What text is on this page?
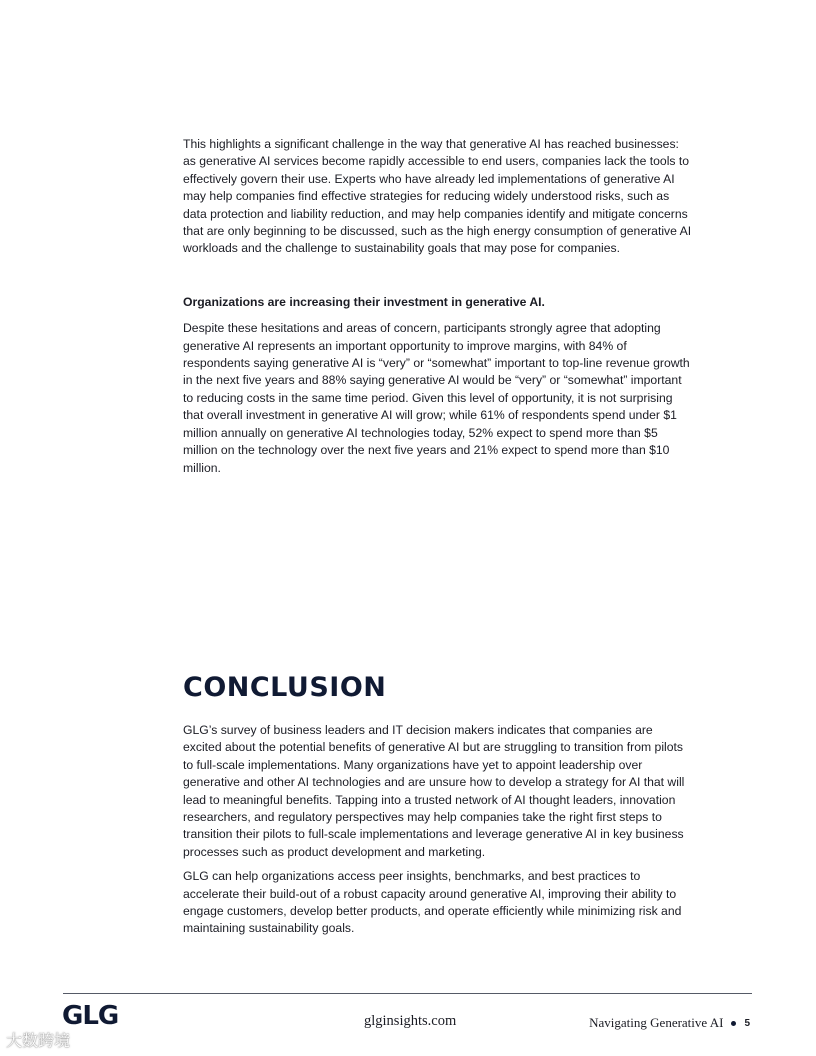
This highlights a significant challenge in the way that generative AI has reached businesses: as generative AI services become rapidly accessible to end users, companies lack the tools to effectively govern their use. Experts who have already led implementations of generative AI may help companies find effective strategies for reducing widely understood risks, such as data protection and liability reduction, and may help companies identify and mitigate concerns that are only beginning to be discussed, such as the high energy consumption of generative AI workloads and the challenge to sustainability goals that may pose for companies.

Organizations are increasing their investment in generative AI.

Despite these hesitations and areas of concern, participants strongly agree that adopting generative AI represents an important opportunity to improve margins, with 84% of respondents saying generative AI is “very” or “somewhat” important to top-line revenue growth in the next five years and 88% saying generative AI would be “very” or “somewhat” important to reducing costs in the same time period. Given this level of opportunity, it is not surprising that overall investment in generative AI will grow; while 61% of respondents spend under $1 million annually on generative AI technologies today, 52% expect to spend more than $5 million on the technology over the next five years and 21% expect to spend more than $10 million.

CONCLUSION

GLG’s survey of business leaders and IT decision makers indicates that companies are excited about the potential benefits of generative AI but are struggling to transition from pilots to full-scale implementations. Many organizations have yet to appoint leadership over generative and other AI technologies and are unsure how to develop a strategy for AI that will lead to meaningful benefits. Tapping into a trusted network of AI thought leaders, innovation researchers, and regulatory perspectives may help companies take the right first steps to transition their pilots to full-scale implementations and leverage generative AI in key business processes such as product development and marketing.

GLG can help organizations access peer insights, benchmarks, and best practices to accelerate their build-out of a robust capacity around generative AI, improving their ability to engage customers, develop better products, and operate efficiently while minimizing risk and maintaining sustainability goals.

GLG	glginsights.com	Navigating Generative AI 5
大数跨境
